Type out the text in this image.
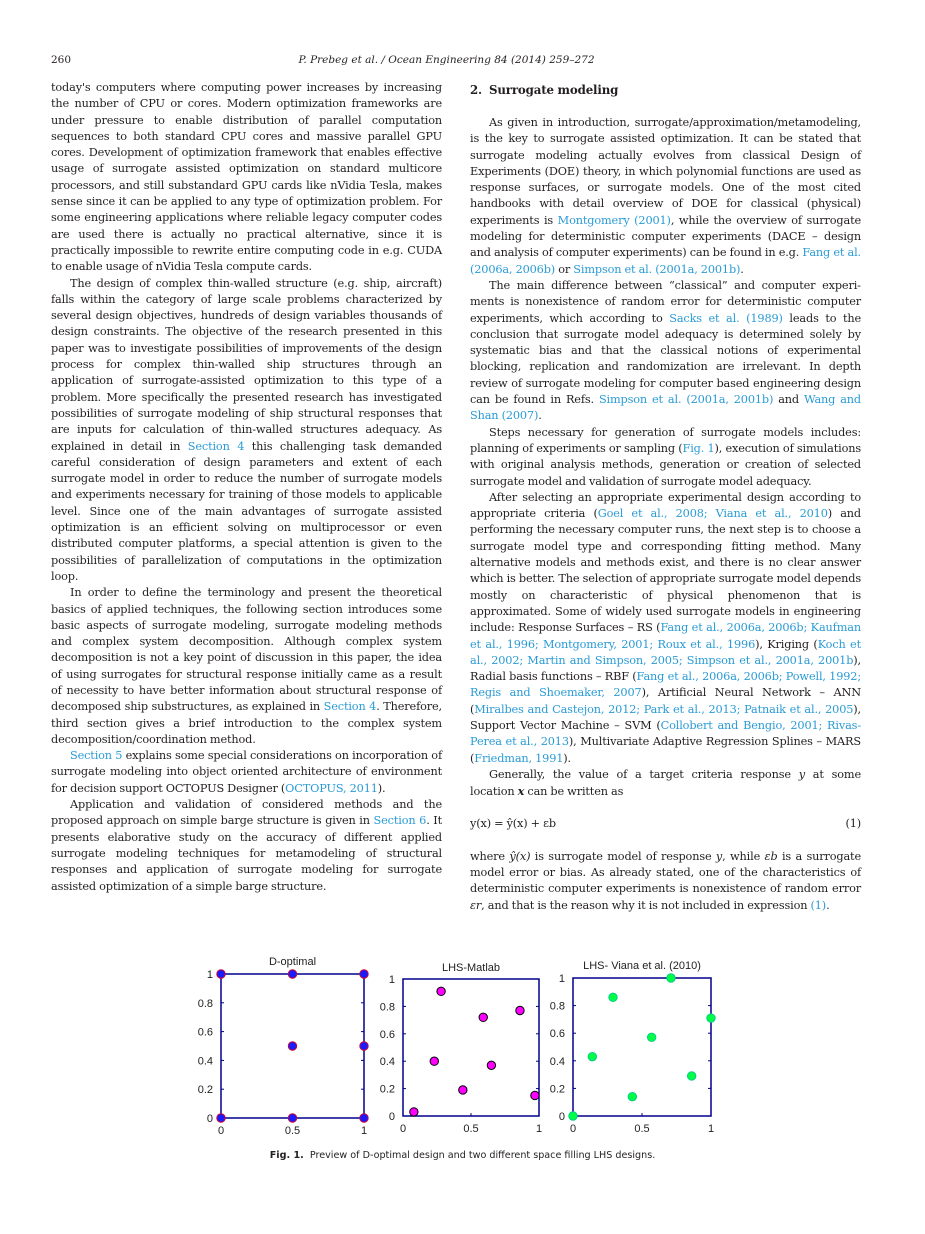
260	P. Prebeg et al. / Ocean Engineering 84 (2014) 259–272

today's computers where computing power increases by increasing the number of CPU or cores. Modern optimization frameworks are under pressure to enable distribution of parallel computation sequences to both standard CPU cores and massive parallel GPU cores. Development of optimization framework that enables effective usage of surrogate assisted optimization on standard multicore processors, and still substandard GPU cards like nVidia Tesla, makes sense since it can be applied to any type of optimization problem. For some engineering applications where reliable legacy computer codes are used there is actually no practical alternative, since it is practically impossible to rewrite entire computing code in e.g. CUDA to enable usage of nVidia Tesla compute cards.

The design of complex thin-walled structure (e.g. ship, aircraft) falls within the category of large scale problems characterized by several design objectives, hundreds of design variables thousands of design constraints. The objective of the research presented in this paper was to investigate possibilities of improvements of the design process for complex thin-walled ship structures through an application of surrogate-assisted optimization to this type of a problem. More specifically the presented research has investigated possibilities of surrogate modeling of ship structural responses that are inputs for calculation of thin-walled structures adequacy. As explained in detail in Section 4 this challenging task demanded careful consideration of design parameters and extent of each surrogate model in order to reduce the number of surrogate models and experiments necessary for training of those models to applicable level. Since one of the main advantages of surrogate assisted optimization is an efficient solving on multiprocessor or even distributed computer platforms, a special attention is given to the possibilities of parallelization of computations in the optimization loop.

In order to define the terminology and present the theoretical basics of applied techniques, the following section introduces some basic aspects of surrogate modeling, surrogate modeling methods and complex system decomposition. Although complex system decomposition is not a key point of discussion in this paper, the idea of using surrogates for structural response initially came as a result of necessity to have better information about structural response of decomposed ship substructures, as explained in Section 4. Therefore, third section gives a brief introduction to the complex system decomposition/coordination method.

Section 5 explains some special considerations on incorporation of surrogate modeling into object oriented architecture of environment for decision support OCTOPUS Designer (OCTOPUS, 2011).

Application and validation of considered methods and the proposed approach on simple barge structure is given in Section 6. It presents elaborative study on the accuracy of different applied surrogate modeling techniques for metamodeling of structural responses and application of surrogate modeling for surrogate assisted optimization of a simple barge structure.

2. Surrogate modeling

As given in introduction, surrogate/approximation/metamodeling, is the key to surrogate assisted optimization. It can be stated that surrogate modeling actually evolves from classical Design of Experiments (DOE) theory, in which polynomial functions are used as response surfaces, or surrogate models. One of the most cited handbooks with detail overview of DOE for classical (physical) experiments is Montgomery (2001), while the overview of surrogate modeling for deterministic computer experiments (DACE – design and analysis of computer experiments) can be found in e.g. Fang et al. (2006a, 2006b) or Simpson et al. (2001a, 2001b).

The main difference between “classical” and computer experiments is nonexistence of random error for deterministic computer experiments, which according to Sacks et al. (1989) leads to the conclusion that surrogate model adequacy is determined solely by systematic bias and that the classical notions of experimental blocking, replication and randomization are irrelevant. In depth review of surrogate modeling for computer based engineering design can be found in Refs. Simpson et al. (2001a, 2001b) and Wang and Shan (2007).

Steps necessary for generation of surrogate models includes: planning of experiments or sampling (Fig. 1), execution of simulations with original analysis methods, generation or creation of selected surrogate model and validation of surrogate model adequacy.

After selecting an appropriate experimental design according to appropriate criteria (Goel et al., 2008; Viana et al., 2010) and performing the necessary computer runs, the next step is to choose a surrogate model type and corresponding fitting method. Many alternative models and methods exist, and there is no clear answer which is better. The selection of appropriate surrogate model depends mostly on characteristic of physical phenomenon that is approximated. Some of widely used surrogate models in engineering include: Response Surfaces – RS (Fang et al., 2006a, 2006b; Kaufman et al., 1996; Montgomery, 2001; Roux et al., 1996), Kriging (Koch et al., 2002; Martin and Simpson, 2005; Simpson et al., 2001a, 2001b), Radial basis functions – RBF (Fang et al., 2006a, 2006b; Powell, 1992; Regis and Shoemaker, 2007), Artificial Neural Network – ANN (Miralbes and Castejon, 2012; Park et al., 2013; Patnaik et al., 2005), Support Vector Machine – SVM (Collobert and Bengio, 2001; Rivas-Perea et al., 2013), Multivariate Adaptive Regression Splines – MARS (Friedman, 1991).

Generally, the value of a target criteria response y at some location x can be written as

y(x) = ŷ(x) + εb	(1)

where ŷ(x) is surrogate model of response y, while εb is a surrogate model error or bias. As already stated, one of the characteristics of deterministic computer experiments is nonexistence of random error εr, and that is the reason why it is not included in expression (1).

D-optimal
0
0.2
0.4
0.6
0.8
1
0	0.5	1
LHS-Matlab
0
0.2
0.4
0.6
0.8
1
0	0.5	1
LHS- Viana et al. (2010)
0
0.2
0.4
0.6
0.8
1
0	0.5	1
Fig. 1. Preview of D-optimal design and two different space filling LHS designs.
